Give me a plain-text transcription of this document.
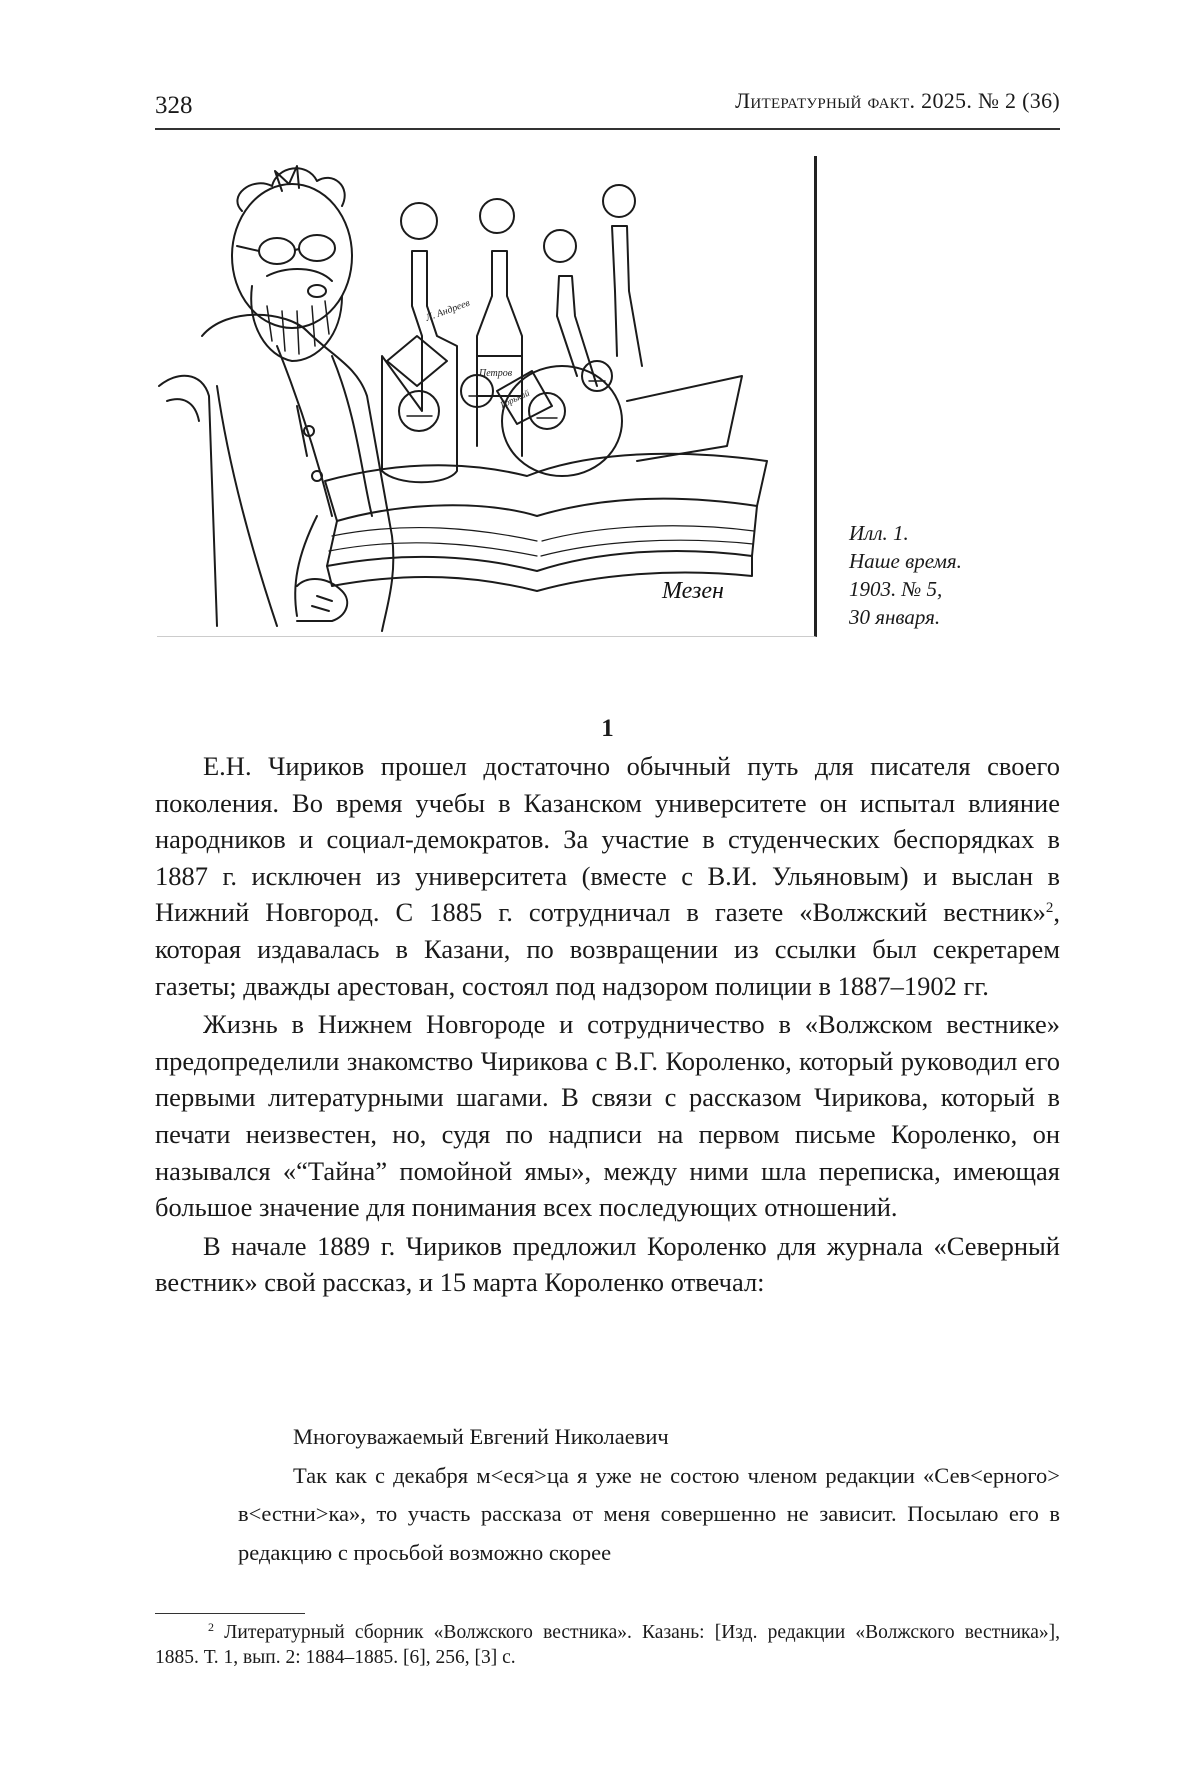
328	Литературный факт. 2025. № 2 (36)
Л. Андреев
Петров
Горький
Мезен
Илл. 1.
Наше время.
1903. № 5,
30 января.
1

Е.Н. Чириков прошел достаточно обычный путь для писателя своего поколения. Во время учебы в Казанском университете он испытал влияние народников и социал-демократов. За участие в студенческих беспорядках в 1887 г. исключен из университета (вместе с В.И. Ульяновым) и выслан в Нижний Новгород. С 1885 г. сотрудничал в газете «Волжский вестник»$^2$, которая издавалась в Казани, по возвращении из ссылки был секретарем газеты; дважды арестован, состоял под надзором полиции в 1887–1902 гг.

Жизнь в Нижнем Новгороде и сотрудничество в «Волжском вестнике» предопределили знакомство Чирикова с В.Г. Короленко, который руководил его первыми литературными шагами. В связи с рассказом Чирикова, который в печати неизвестен, но, судя по надписи на первом письме Короленко, он назывался «“Тайна” помойной ямы», между ними шла переписка, имеющая большое значение для понимания всех последующих отношений.

В начале 1889 г. Чириков предложил Короленко для журнала «Северный вестник» свой рассказ, и 15 марта Короленко отвечал:

Многоуважаемый Евгений Николаевич

Так как с декабря м<еся>ца я уже не состою членом редакции «Сев<ерного> в<естни>ка», то участь рассказа от меня совершенно не зависит. Посылаю его в редакцию с просьбой возможно скорее

$^2$ Литературный сборник «Волжского вестника». Казань: [Изд. редакции «Волжского вестника»], 1885. Т. 1, вып. 2: 1884–1885. [6], 256, [3] с.
